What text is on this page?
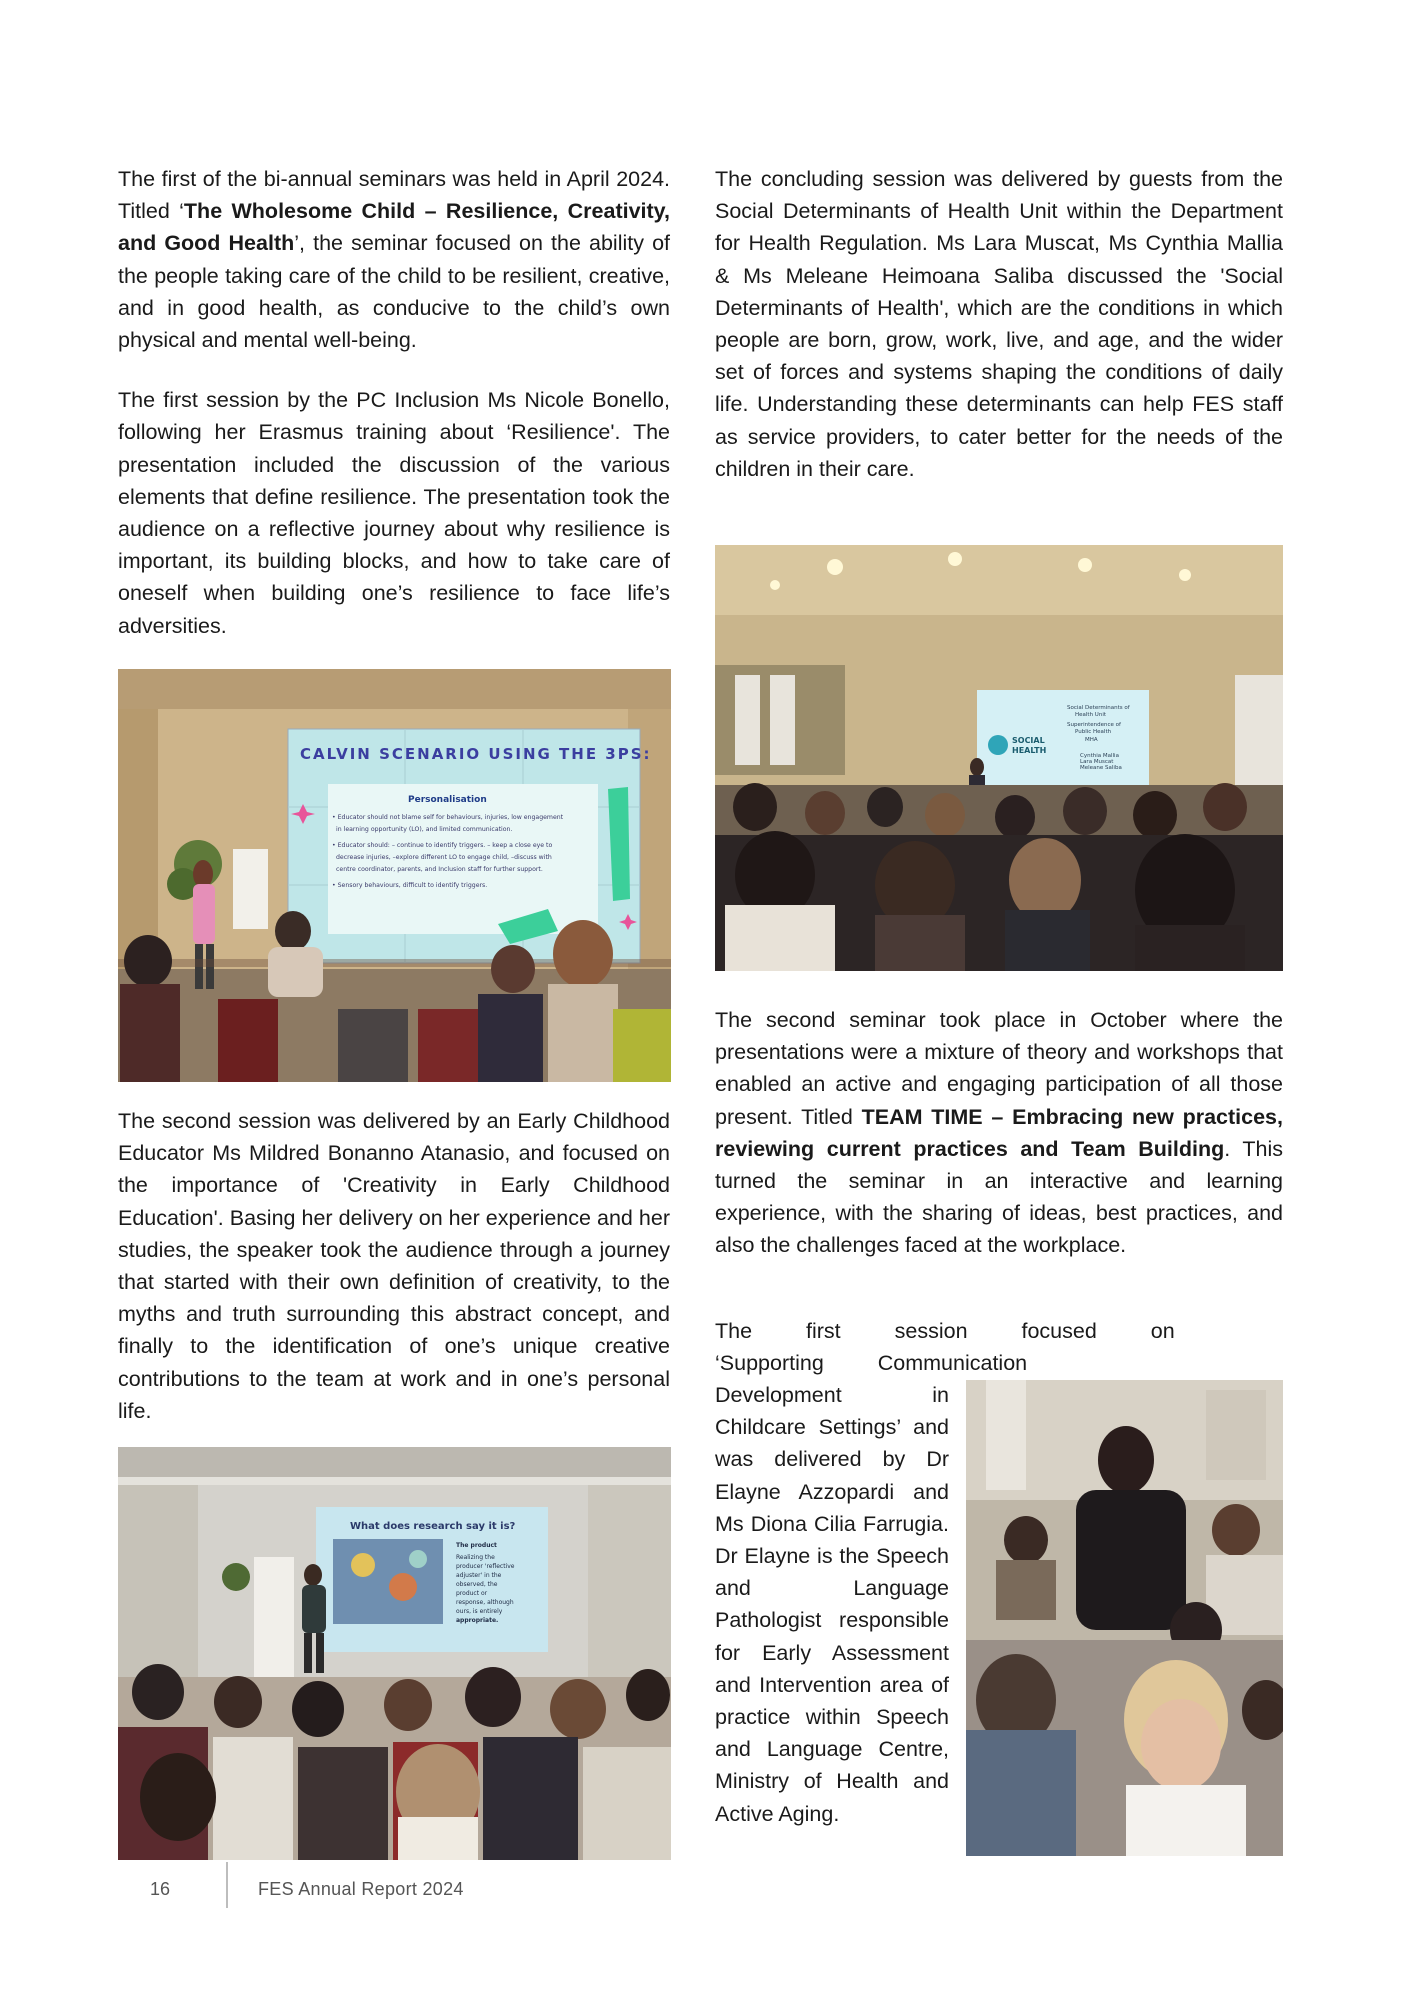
The first of the bi-annual seminars was held in April 2024. Titled ‘The Wholesome Child – Resilience, Creativity, and Good Health’, the seminar focused on the ability of the people taking care of the child to be resilient, creative, and in good health, as conducive to the child’s own physical and mental well-being.

The first session by the PC Inclusion Ms Nicole Bonello, following her Erasmus training about ‘Resilience'. The presentation included the discussion of the various elements that define resilience. The presentation took the audience on a reflective journey about why resilience is important, its building blocks, and how to take care of oneself when building one’s resilience to face life’s adversities.

CALVIN SCENARIO USING THE 3PS:
Personalisation
• Educator should not blame self for behaviours, injuries, low engagement
in learning opportunity (LO), and limited communication.
• Educator should: – continue to identify triggers. – keep a close eye to
decrease injuries, –explore different LO to engage child, –discuss with
centre coordinator, parents, and Inclusion staff for further support.
• Sensory behaviours, difficult to identify triggers.

The second session was delivered by an Early Childhood Educator Ms Mildred Bonanno Atanasio, and focused on the importance of 'Creativity in Early Childhood Education'. Basing her delivery on her experience and her studies, the speaker took the audience through a journey that started with their own definition of creativity, to the myths and truth surrounding this abstract concept, and finally to the identification of one’s unique creative contributions to the team at work and in one’s personal life.

What does research say it is?
The product
Realizing the
producer 'reflective
adjuster' in the
observed, the
product or
response, although
ours, is entirely
appropriate.

The concluding session was delivered by guests from the Social Determinants of Health Unit within the Department for Health Regulation. Ms Lara Muscat, Ms Cynthia Mallia & Ms Meleane Heimoana Saliba discussed the 'Social Determinants of Health', which are the conditions in which people are born, grow, work, live, and age, and the wider set of forces and systems shaping the conditions of daily life. Understanding these determinants can help FES staff as service providers, to cater better for the needs of the children in their care.

SOCIAL
HEALTH
Social Determinants of
Health Unit
Superintendence of
Public Health
MHA
Cynthia Mallia
Lara Muscat
Meleane Saliba

The second seminar took place in October where the presentations were a mixture of theory and workshops that enabled an active and engaging participation of all those present. Titled TEAM TIME – Embracing new practices, reviewing current practices and Team Building. This turned the seminar in an interactive and learning experience, with the sharing of ideas, best practices, and also the challenges faced at the workplace.

The first session focused on ‘Supporting Communication
Development in Childcare Settings’ and was delivered by Dr Elayne Azzopardi and Ms Diona Cilia Farrugia. Dr Elayne is the Speech and Language Pathologist responsible for Early Assessment and Intervention area of practice within Speech and Language Centre, Ministry of Health and Active Aging.
16	FES Annual Report 2024
